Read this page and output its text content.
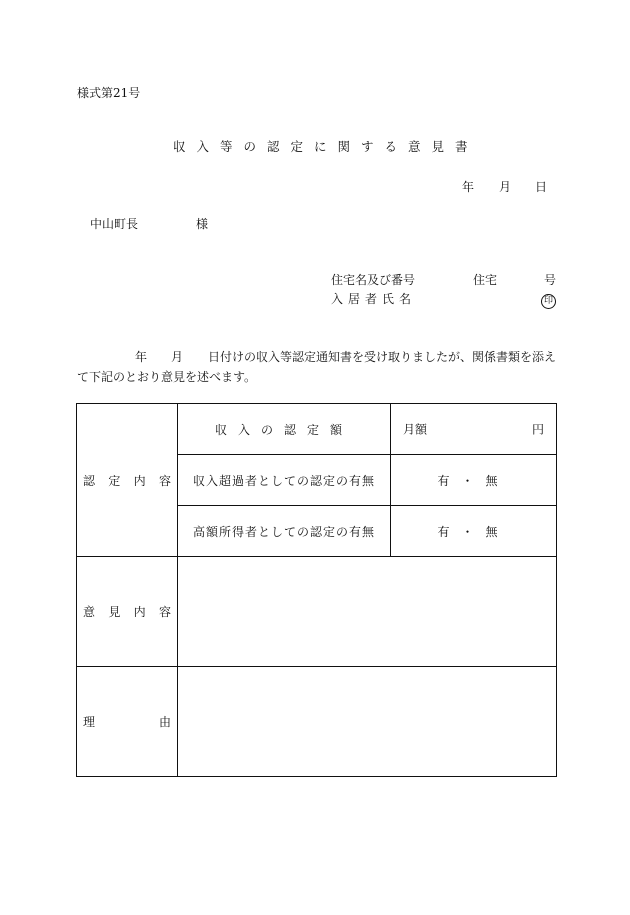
様式第21号
収入等の認定に関する意見書
年 月 日
中山町長	様
住宅名及び番号	住宅	号
入居者氏名	印
年 月 日付けの収入等認定通知書を受け取りましたが、関係書類を添え
て下記のとおり意見を述べます。
認定内容	収入の認定額	月額 円

	収入超過者としての認定の有無	有・無
	高額所得者としての認定の有無	有・無

意見内容		

理由		
